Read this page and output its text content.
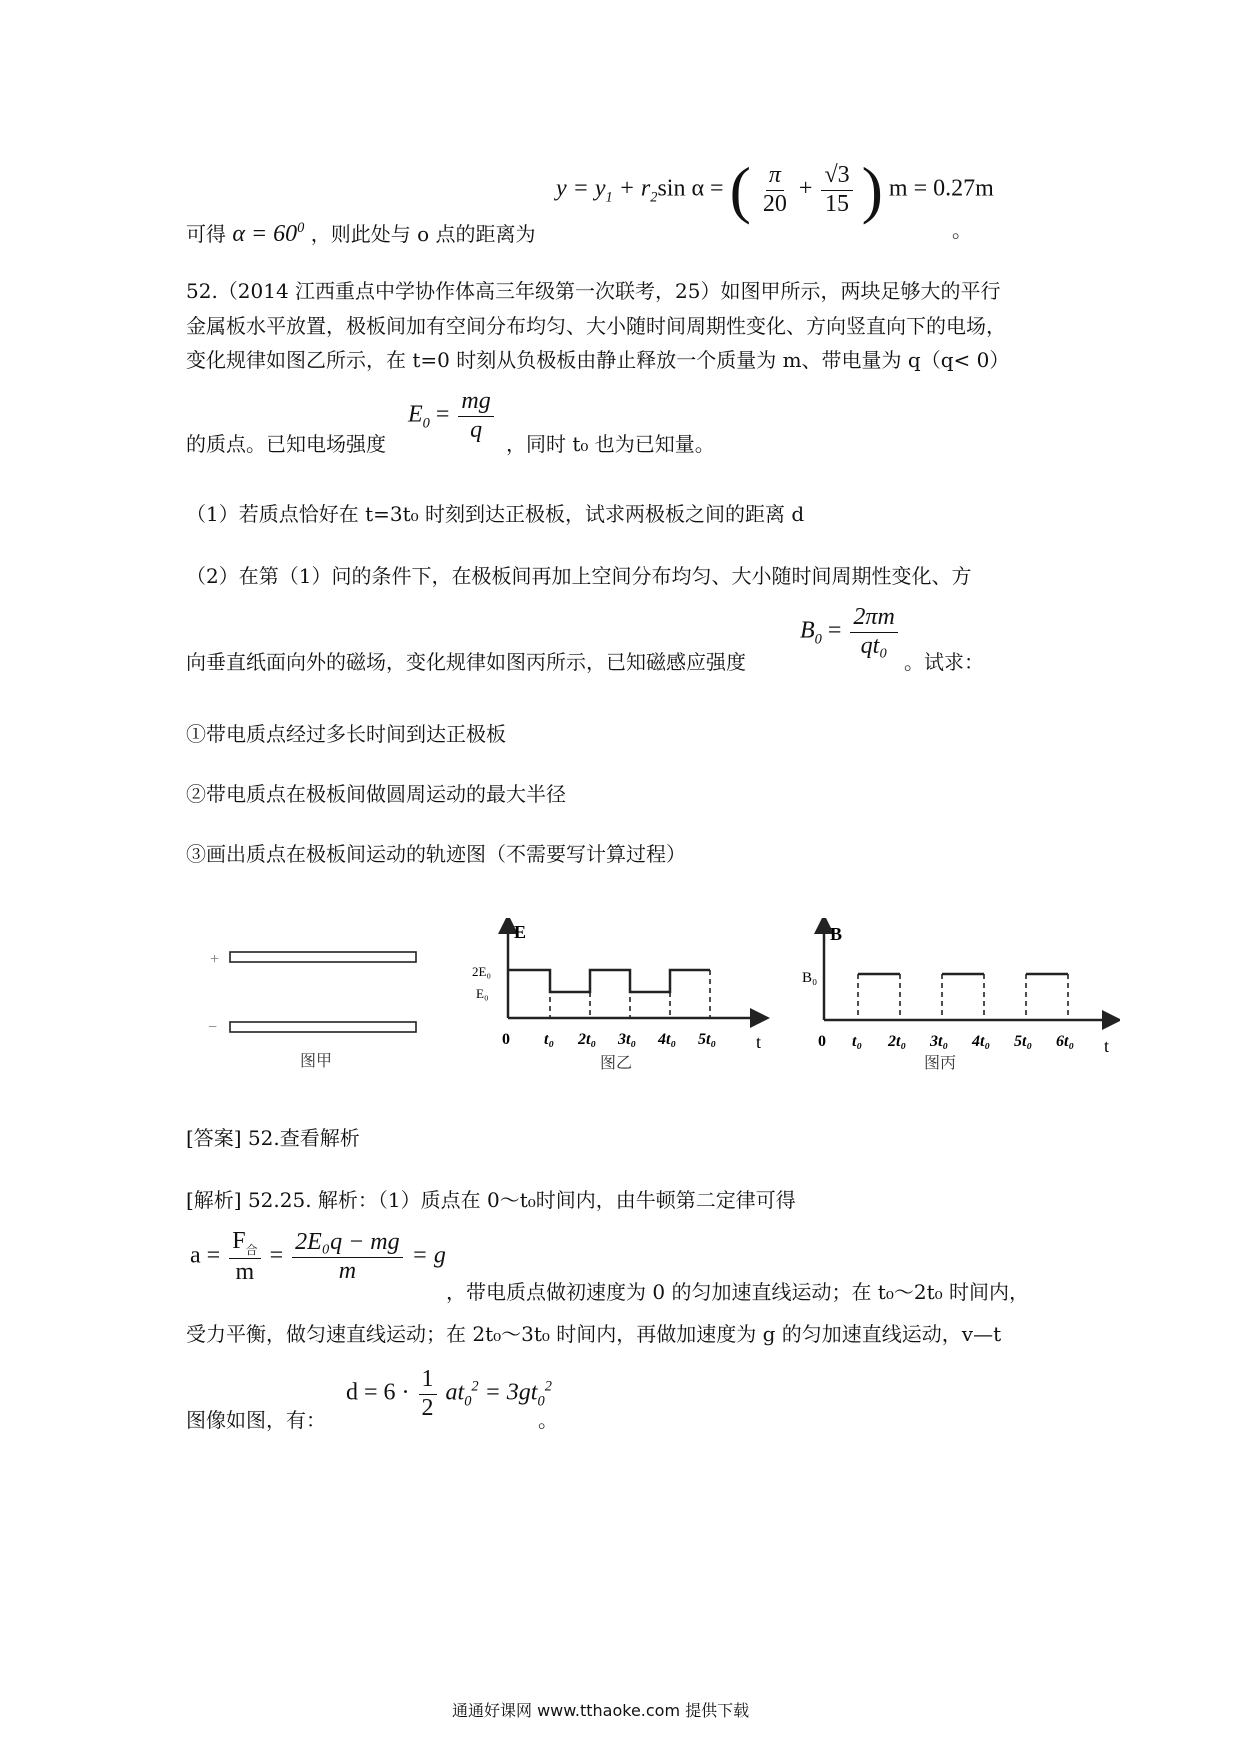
可得 $\alpha = 60^0$ ，则此处与 o 点的距离为
$y = y_1 + r_2\sin$ α = ( $\frac{\pi}{20} + \frac{√3}{15}$ ) m = 0.27m
。
52.（2014 江西重点中学协作体高三年级第一次联考，25）如图甲所示，两块足够大的平行
金属板水平放置，极板间加有空间分布均匀、大小随时间周期性变化、方向竖直向下的电场，
变化规律如图乙所示，在 t=0 时刻从负极板由静止释放一个质量为 m、带电量为 q（q< 0）
的质点。已知电场强度
$E_0 = \frac{mg}{q}$ ，同时 t₀ 也为已知量。
（1）若质点恰好在 t=3t₀ 时刻到达正极板，试求两极板之间的距离 d
（2）在第（1）问的条件下，在极板间再加上空间分布均匀、大小随时间周期性变化、方
向垂直纸面向外的磁场，变化规律如图丙所示，已知磁感应强度
$B_0 = \frac{2\pi m}{\text{qt₀}}$
。试求：
①带电质点经过多长时间到达正极板
②带电质点在极板间做圆周运动的最大半径
③画出质点在极板间运动的轨迹图（不需要写计算过程）
+
−
图甲
E
t
2E₀
E₀
0 t₀ 2t₀ 3t₀ 4t₀ 5t₀
图乙
B
t
B₀
0 t₀ 2t₀ 3t₀ 4t₀ 5t₀ 6t₀
图丙
[答案] 52.查看解析
[解析] 52.25. 解析：（1）质点在 0～t₀时间内，由牛顿第二定律可得
$a = \frac{F_合}{m} = \frac{\text{2E₀q − mg}}{m} = g$
，带电质点做初速度为 0 的匀加速直线运动；在 t₀～2t₀ 时间内，
受力平衡，做匀速直线运动；在 2t₀～3t₀ 时间内，再做加速度为 g 的匀加速直线运动，v—t
图像如图，有：
$d = 6 \cdot \frac{1}{2} at_0^2 = 3gt_0^2$
。
通通好课网 www.tthaoke.com 提供下载
